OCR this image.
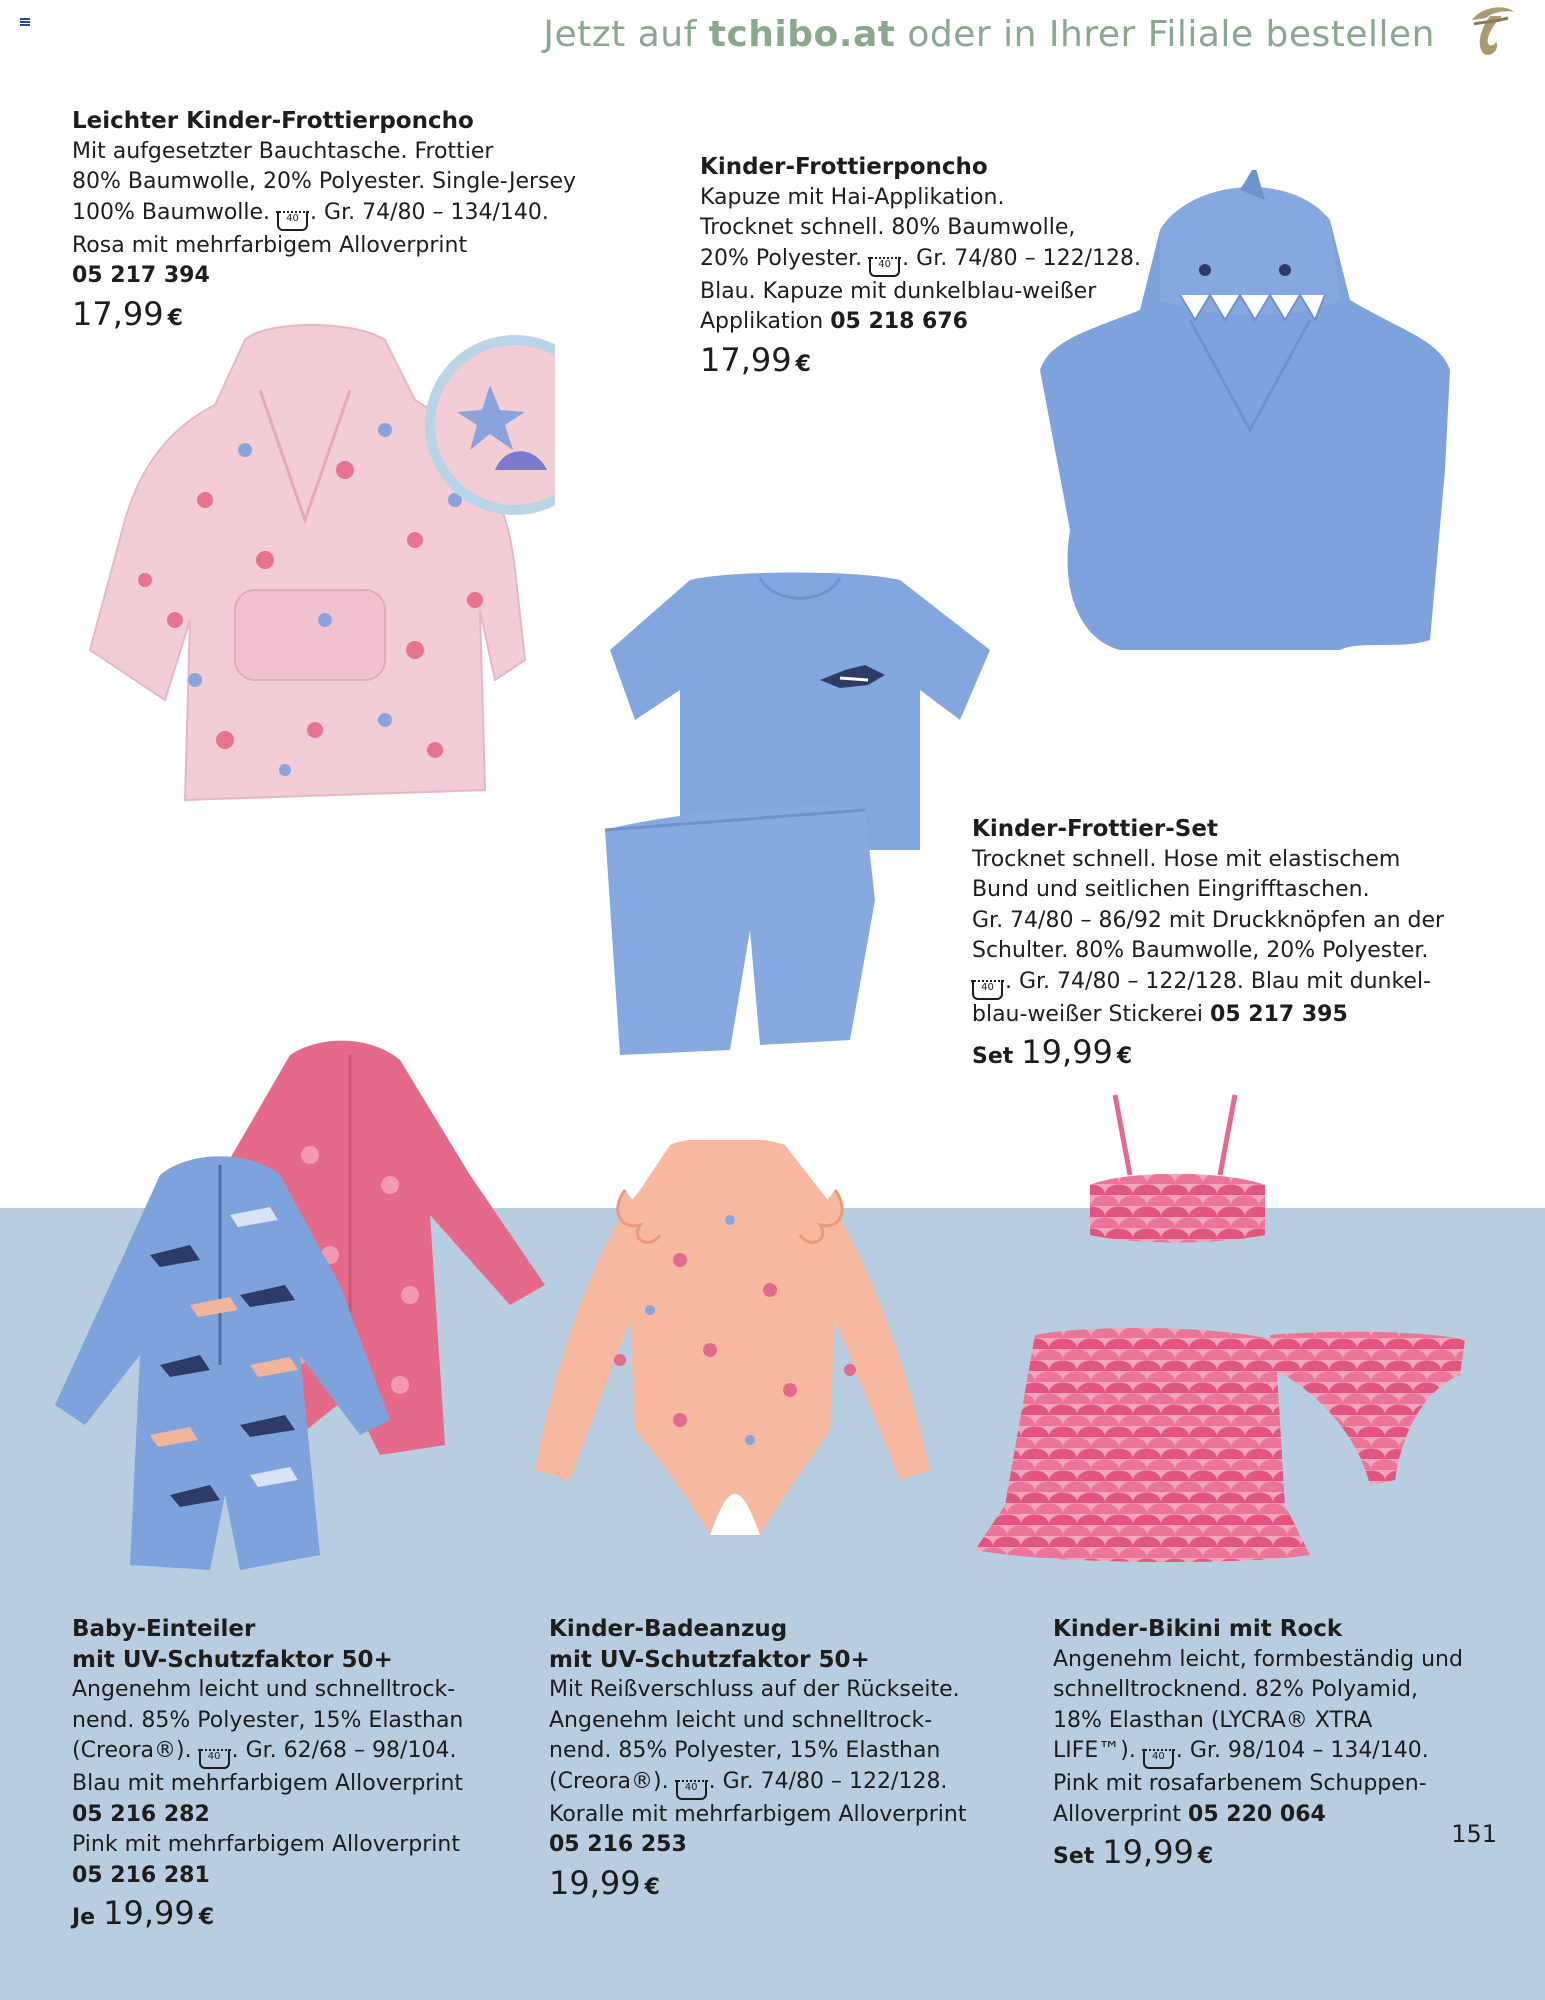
Jetzt auf tchibo.at oder in Ihrer Filiale bestellen
Leichter Kinder-Frottierponcho
Mit aufgesetzter Bauchtasche. Frottier
80% Baumwolle, 20% Polyester. Single-Jersey
100% Baumwolle. 40 . Gr. 74/80 – 134/140.
Rosa mit mehrfarbigem Alloverprint
05 217 394
17,99 €
Kinder-Frottierponcho
Kapuze mit Hai-Applikation.
Trocknet schnell. 80% Baumwolle,
20% Polyester. 40 . Gr. 74/80 – 122/128.
Blau. Kapuze mit dunkelblau-weißer
Applikation 05 218 676
17,99 €
Kinder-Frottier-Set
Trocknet schnell. Hose mit elastischem
Bund und seitlichen Eingrifftaschen.
Gr. 74/80 – 86/92 mit Druckknöpfen an der
Schulter. 80% Baumwolle, 20% Polyester.
40 . Gr. 74/80 – 122/128. Blau mit dunkel-
blau-weißer Stickerei 05 217 395
Set 19,99 €
Baby-Einteiler
mit UV-Schutzfaktor 50+
Angenehm leicht und schnelltrock-
nend. 85% Polyester, 15% Elasthan
(Creora®). 40 . Gr. 62/68 – 98/104.
Blau mit mehrfarbigem Alloverprint
05 216 282
Pink mit mehrfarbigem Alloverprint
05 216 281
Je 19,99 €
Kinder-Badeanzug
mit UV-Schutzfaktor 50+
Mit Reißverschluss auf der Rückseite.
Angenehm leicht und schnelltrock-
nend. 85% Polyester, 15% Elasthan
(Creora®). 40 . Gr. 74/80 – 122/128.
Koralle mit mehrfarbigem Alloverprint
05 216 253
19,99 €
Kinder-Bikini mit Rock
Angenehm leicht, formbeständig und
schnelltrocknend. 82% Polyamid,
18% Elasthan (LYCRA® XTRA
LIFE™). 40 . Gr. 98/104 – 134/140.
Pink mit rosafarbenem Schuppen-
Alloverprint 05 220 064
Set 19,99 €
151
